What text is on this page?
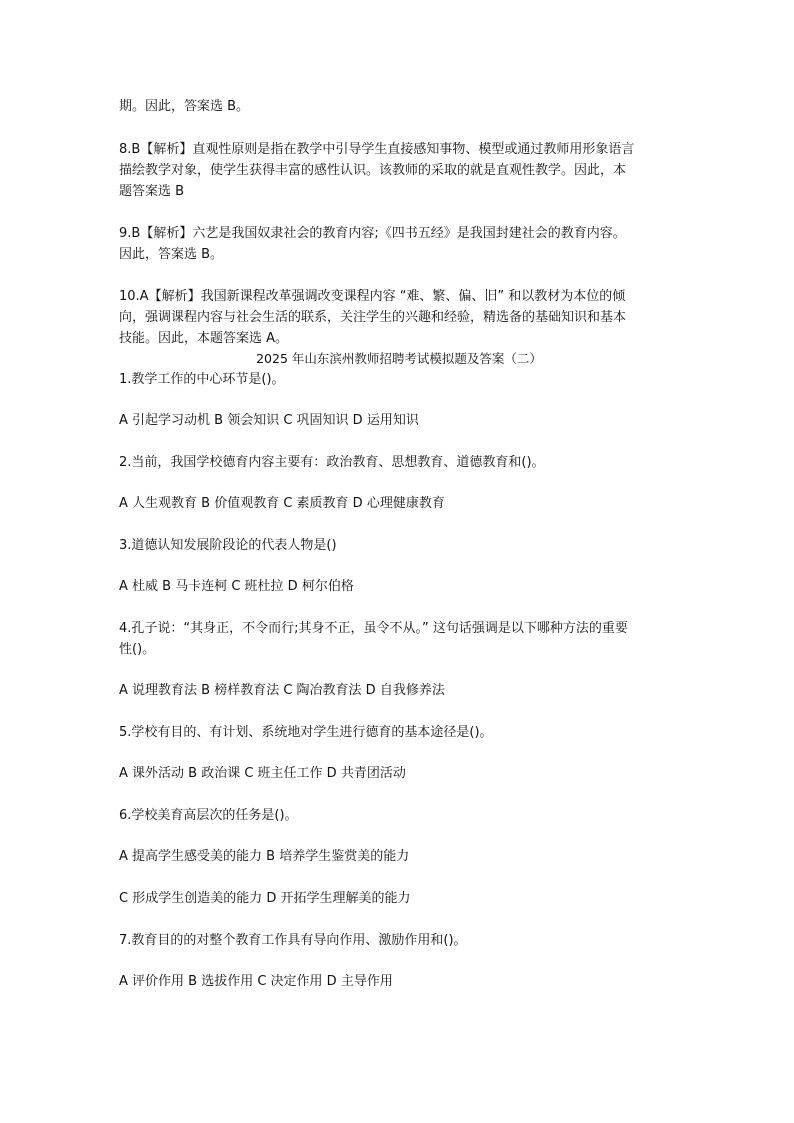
期。因此，答案选 B。

8.B【解析】直观性原则是指在教学中引导学生直接感知事物、模型或通过教师用形象语言

描绘教学对象，使学生获得丰富的感性认识。该教师的采取的就是直观性教学。因此，本

题答案选 B

9.B【解析】六艺是我国奴隶社会的教育内容;《四书五经》是我国封建社会的教育内容。

因此，答案选 B。

10.A【解析】我国新课程改革强调改变课程内容 “难、繁、偏、旧” 和以教材为本位的倾

向，强调课程内容与社会生活的联系，关注学生的兴趣和经验，精选备的基础知识和基本

技能。因此，本题答案选 A。

2025 年山东滨州教师招聘考试模拟题及答案（二）

1.教学工作的中心环节是()。

A 引起学习动机 B 领会知识 C 巩固知识 D 运用知识

2.当前，我国学校德育内容主要有：政治教育、思想教育、道德教育和()。

A 人生观教育 B 价值观教育 C 素质教育 D 心理健康教育

3.道德认知发展阶段论的代表人物是()

A 杜威 B 马卡连柯 C 班杜拉 D 柯尔伯格

4.孔子说：“其身正，不令而行;其身不正，虽令不从。” 这句话强调是以下哪种方法的重要

性()。

A 说理教育法 B 榜样教育法 C 陶冶教育法 D 自我修养法

5.学校有目的、有计划、系统地对学生进行德育的基本途径是()。

A 课外活动 B 政治课 C 班主任工作 D 共青团活动

6.学校美育高层次的任务是()。

A 提高学生感受美的能力 B 培养学生鉴赏美的能力

C 形成学生创造美的能力 D 开拓学生理解美的能力

7.教育目的的对整个教育工作具有导向作用、激励作用和()。

A 评价作用 B 选拔作用 C 决定作用 D 主导作用
